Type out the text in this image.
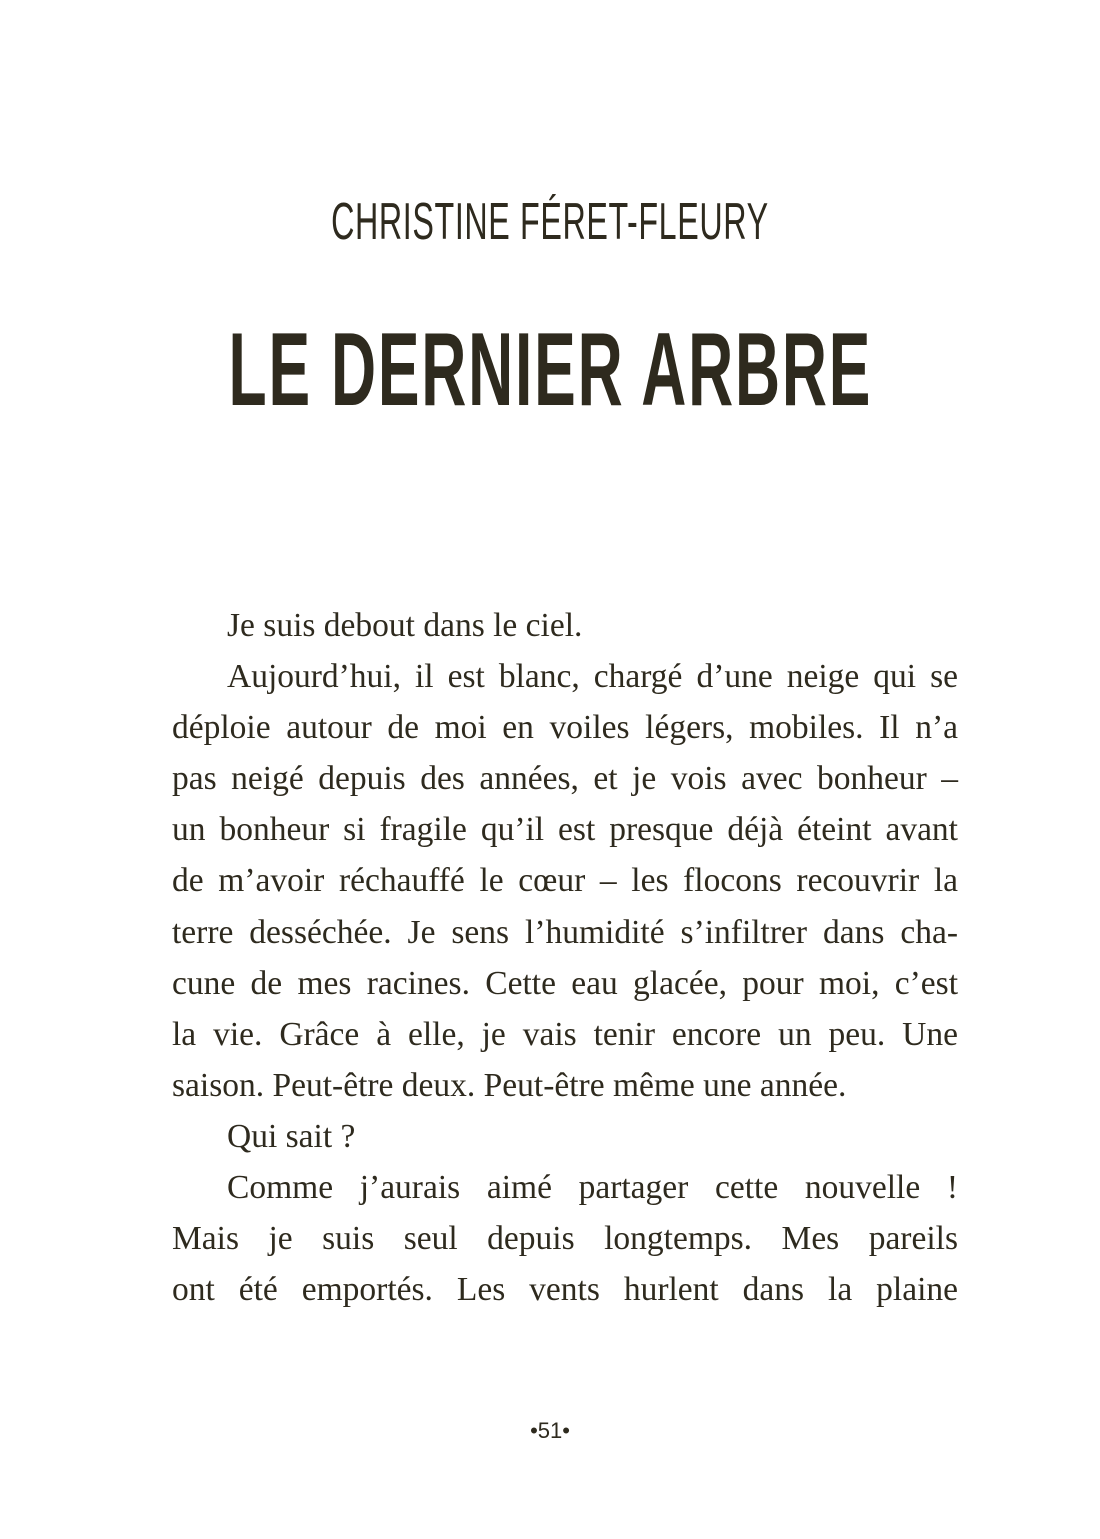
CHRISTINE FÉRET-FLEURY
LE DERNIER ARBRE
Je suis debout dans le ciel.
Aujourd’hui, il est blanc, chargé d’une neige qui se
déploie autour de moi en voiles légers, mobiles. Il n’a
pas neigé depuis des années, et je vois avec bonheur –
un bonheur si fragile qu’il est presque déjà éteint avant
de m’avoir réchauffé le cœur – les flocons recouvrir la
terre desséchée. Je sens l’humidité s’infiltrer dans cha-
cune de mes racines. Cette eau glacée, pour moi, c’est
la vie. Grâce à elle, je vais tenir encore un peu. Une
saison. Peut-être deux. Peut-être même une année.
Qui sait ?
Comme j’aurais aimé partager cette nouvelle !
Mais je suis seul depuis longtemps. Mes pareils
ont été emportés. Les vents hurlent dans la plaine
•51•
